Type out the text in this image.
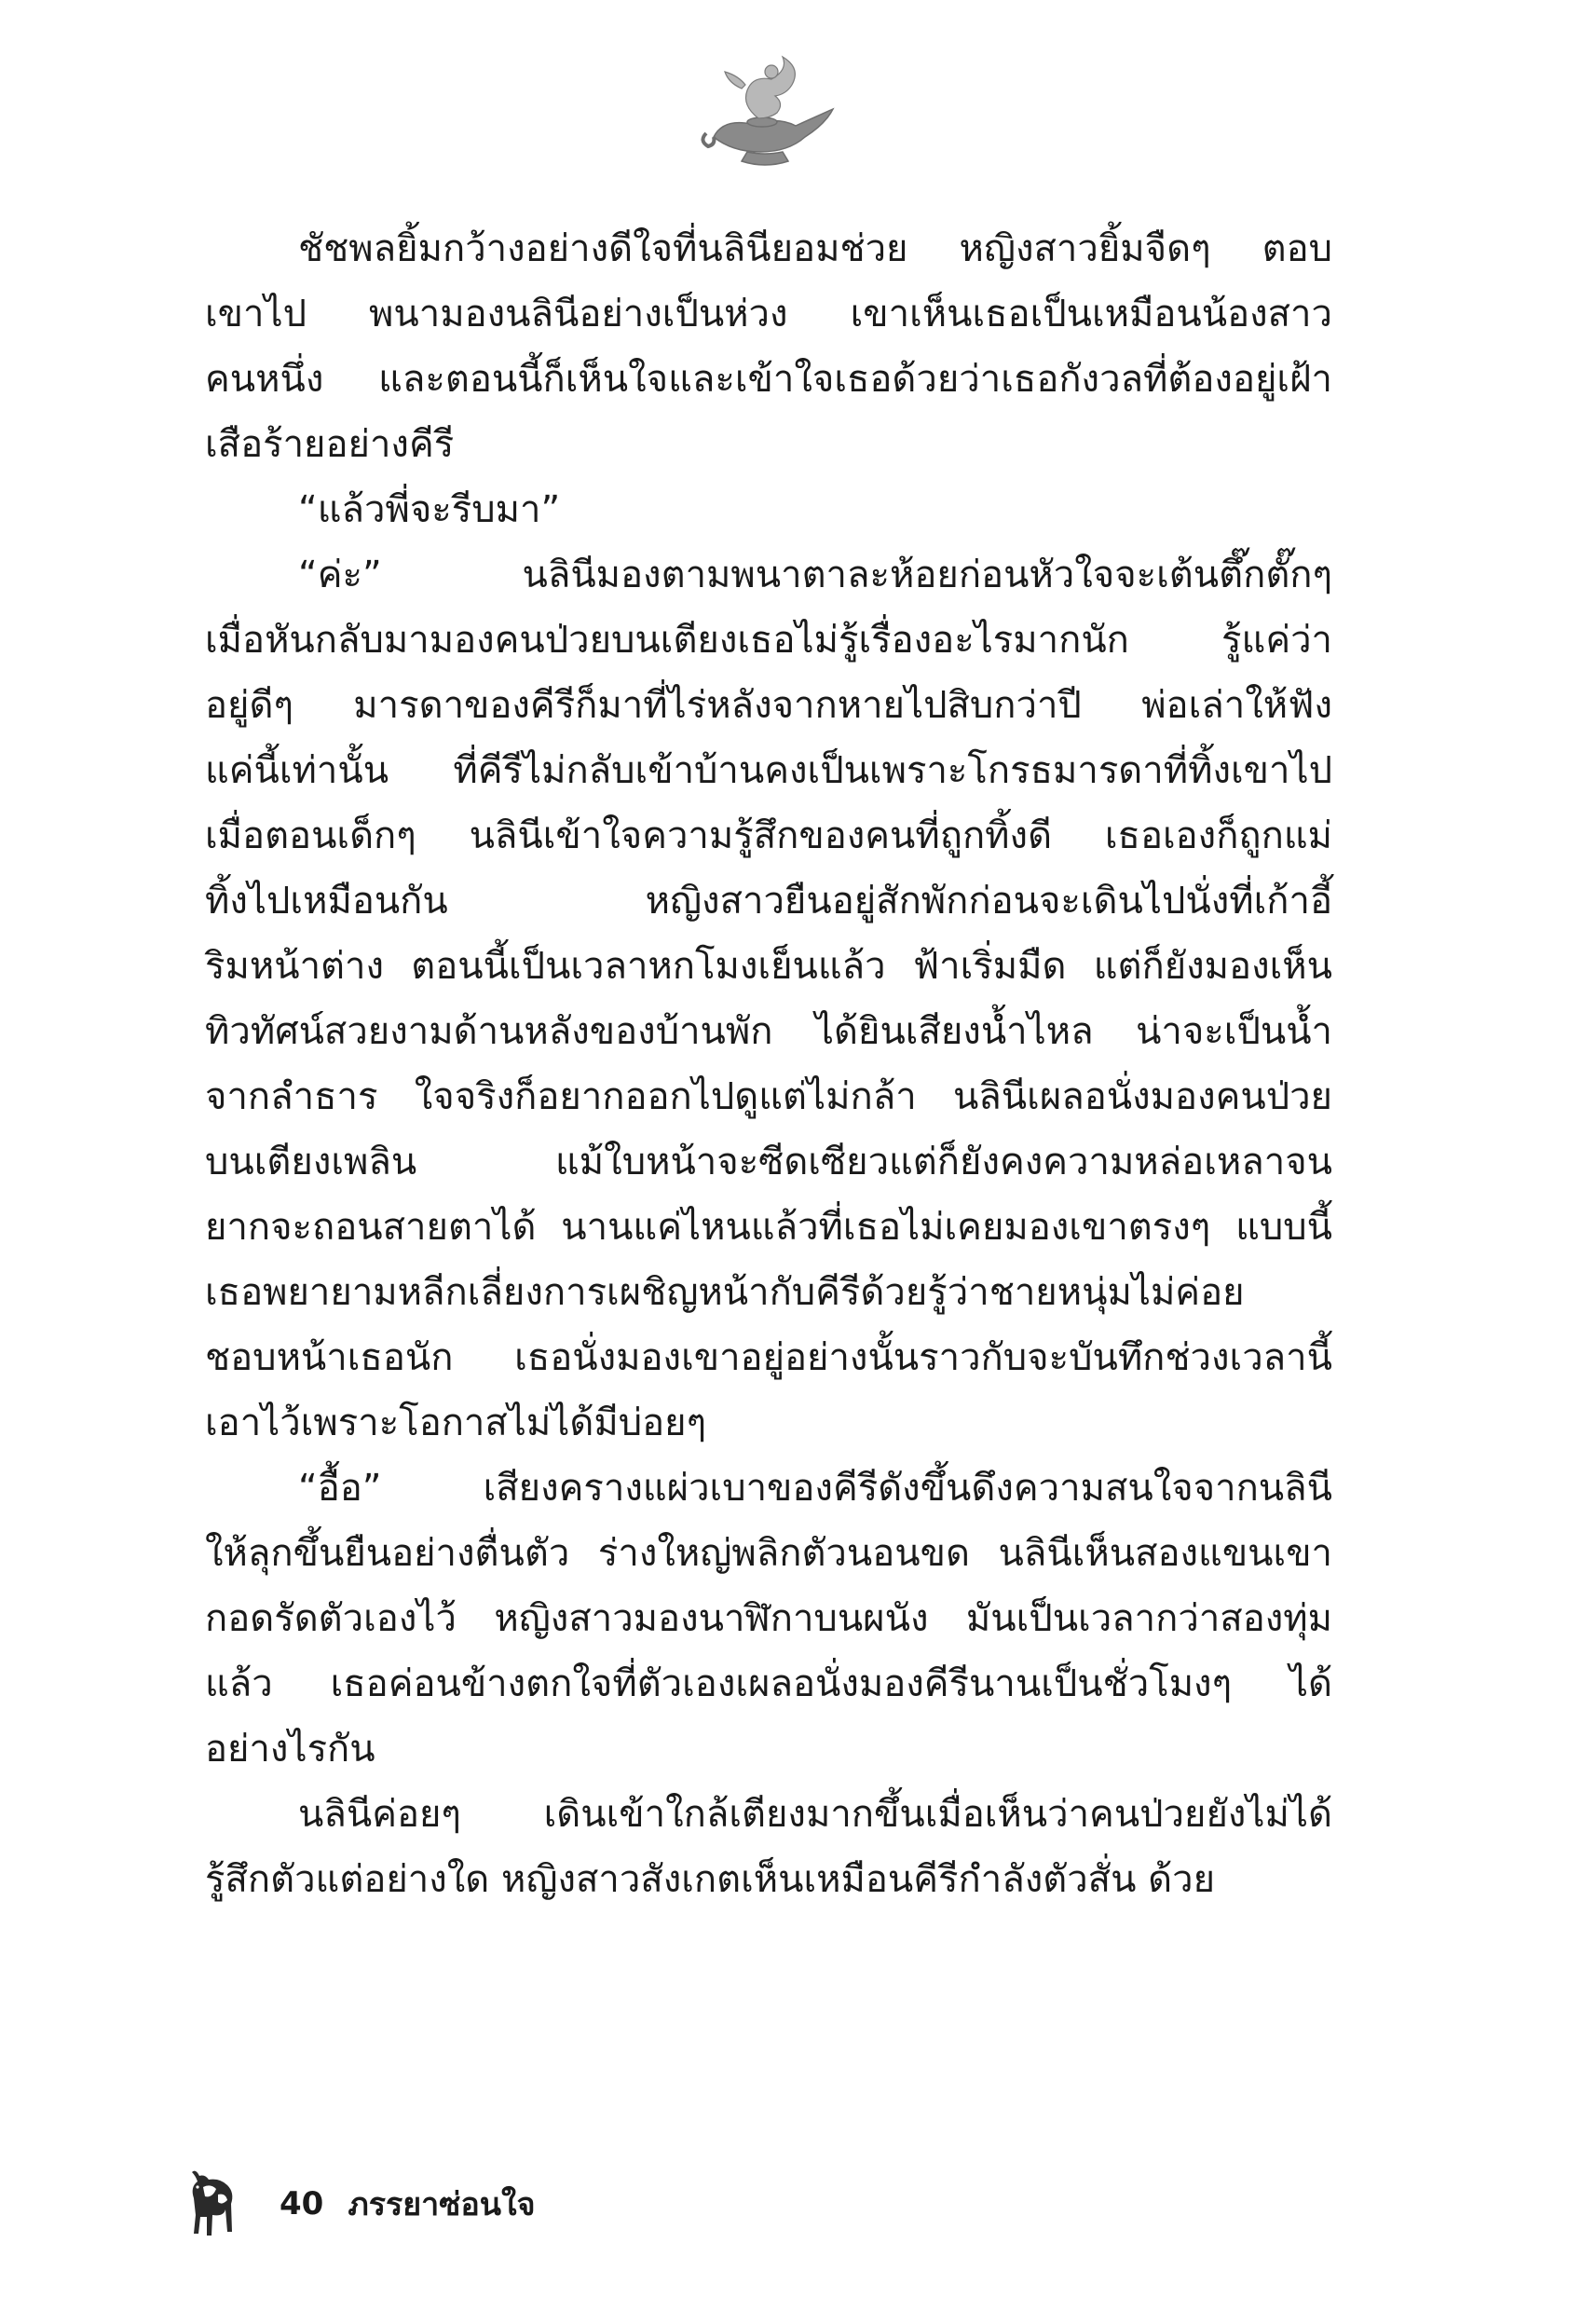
ชัชพลยิ้มกว้างอย่างดีใจที่นลินียอมช่วย หญิงสาวยิ้มจืดๆ ตอบ
เขาไป พนามองนลินีอย่างเป็นห่วง เขาเห็นเธอเป็นเหมือนน้องสาว
คนหนึ่ง และตอนนี้ก็เห็นใจและเข้าใจเธอด้วยว่าเธอกังวลที่ต้องอยู่เฝ้า
เสือร้ายอย่างคีรี
“แล้วพี่จะรีบมา”
“ค่ะ”	นลินีมองตามพนาตาละห้อยก่อนหัวใจจะเต้นตึ๊กตั๊กๆ
เมื่อหันกลับมามองคนป่วยบนเตียงเธอไม่รู้เรื่องอะไรมากนัก รู้แค่ว่า
อยู่ดีๆ มารดาของคีรีก็มาที่ไร่หลังจากหายไปสิบกว่าปี พ่อเล่าให้ฟัง
แค่นี้เท่านั้น ที่คีรีไม่กลับเข้าบ้านคงเป็นเพราะโกรธมารดาที่ทิ้งเขาไป
เมื่อตอนเด็กๆ นลินีเข้าใจความรู้สึกของคนที่ถูกทิ้งดี เธอเองก็ถูกแม่
ทิ้งไปเหมือนกัน	หญิงสาวยืนอยู่สักพักก่อนจะเดินไปนั่งที่เก้าอี้
ริมหน้าต่าง ตอนนี้เป็นเวลาหกโมงเย็นแล้ว ฟ้าเริ่มมืด แต่ก็ยังมองเห็น
ทิวทัศน์สวยงามด้านหลังของบ้านพัก ได้ยินเสียงน้ำไหล น่าจะเป็นน้ำ
จากลำธาร ใจจริงก็อยากออกไปดูแต่ไม่กล้า นลินีเผลอนั่งมองคนป่วย
บนเตียงเพลิน	แม้ใบหน้าจะซีดเซียวแต่ก็ยังคงความหล่อเหลาจน
ยากจะถอนสายตาได้ นานแค่ไหนแล้วที่เธอไม่เคยมองเขาตรงๆ แบบนี้
เธอพยายามหลีกเลี่ยงการเผชิญหน้ากับคีรีด้วยรู้ว่าชายหนุ่มไม่ค่อย
ชอบหน้าเธอนัก เธอนั่งมองเขาอยู่อย่างนั้นราวกับจะบันทึกช่วงเวลานี้
เอาไว้เพราะโอกาสไม่ได้มีบ่อยๆ
“อื้อ”	เสียงครางแผ่วเบาของคีรีดังขึ้นดึงความสนใจจากนลินี
ให้ลุกขึ้นยืนอย่างตื่นตัว ร่างใหญ่พลิกตัวนอนขด นลินีเห็นสองแขนเขา
กอดรัดตัวเองไว้ หญิงสาวมองนาฬิกาบนผนัง มันเป็นเวลากว่าสองทุ่ม
แล้ว เธอค่อนข้างตกใจที่ตัวเองเผลอนั่งมองคีรีนานเป็นชั่วโมงๆ ได้
อย่างไรกัน
นลินีค่อยๆ เดินเข้าใกล้เตียงมากขึ้นเมื่อเห็นว่าคนป่วยยังไม่ได้
รู้สึกตัวแต่อย่างใด หญิงสาวสังเกตเห็นเหมือนคีรีกำลังตัวสั่น ด้วย
40 ภรรยาซ่อนใจ
